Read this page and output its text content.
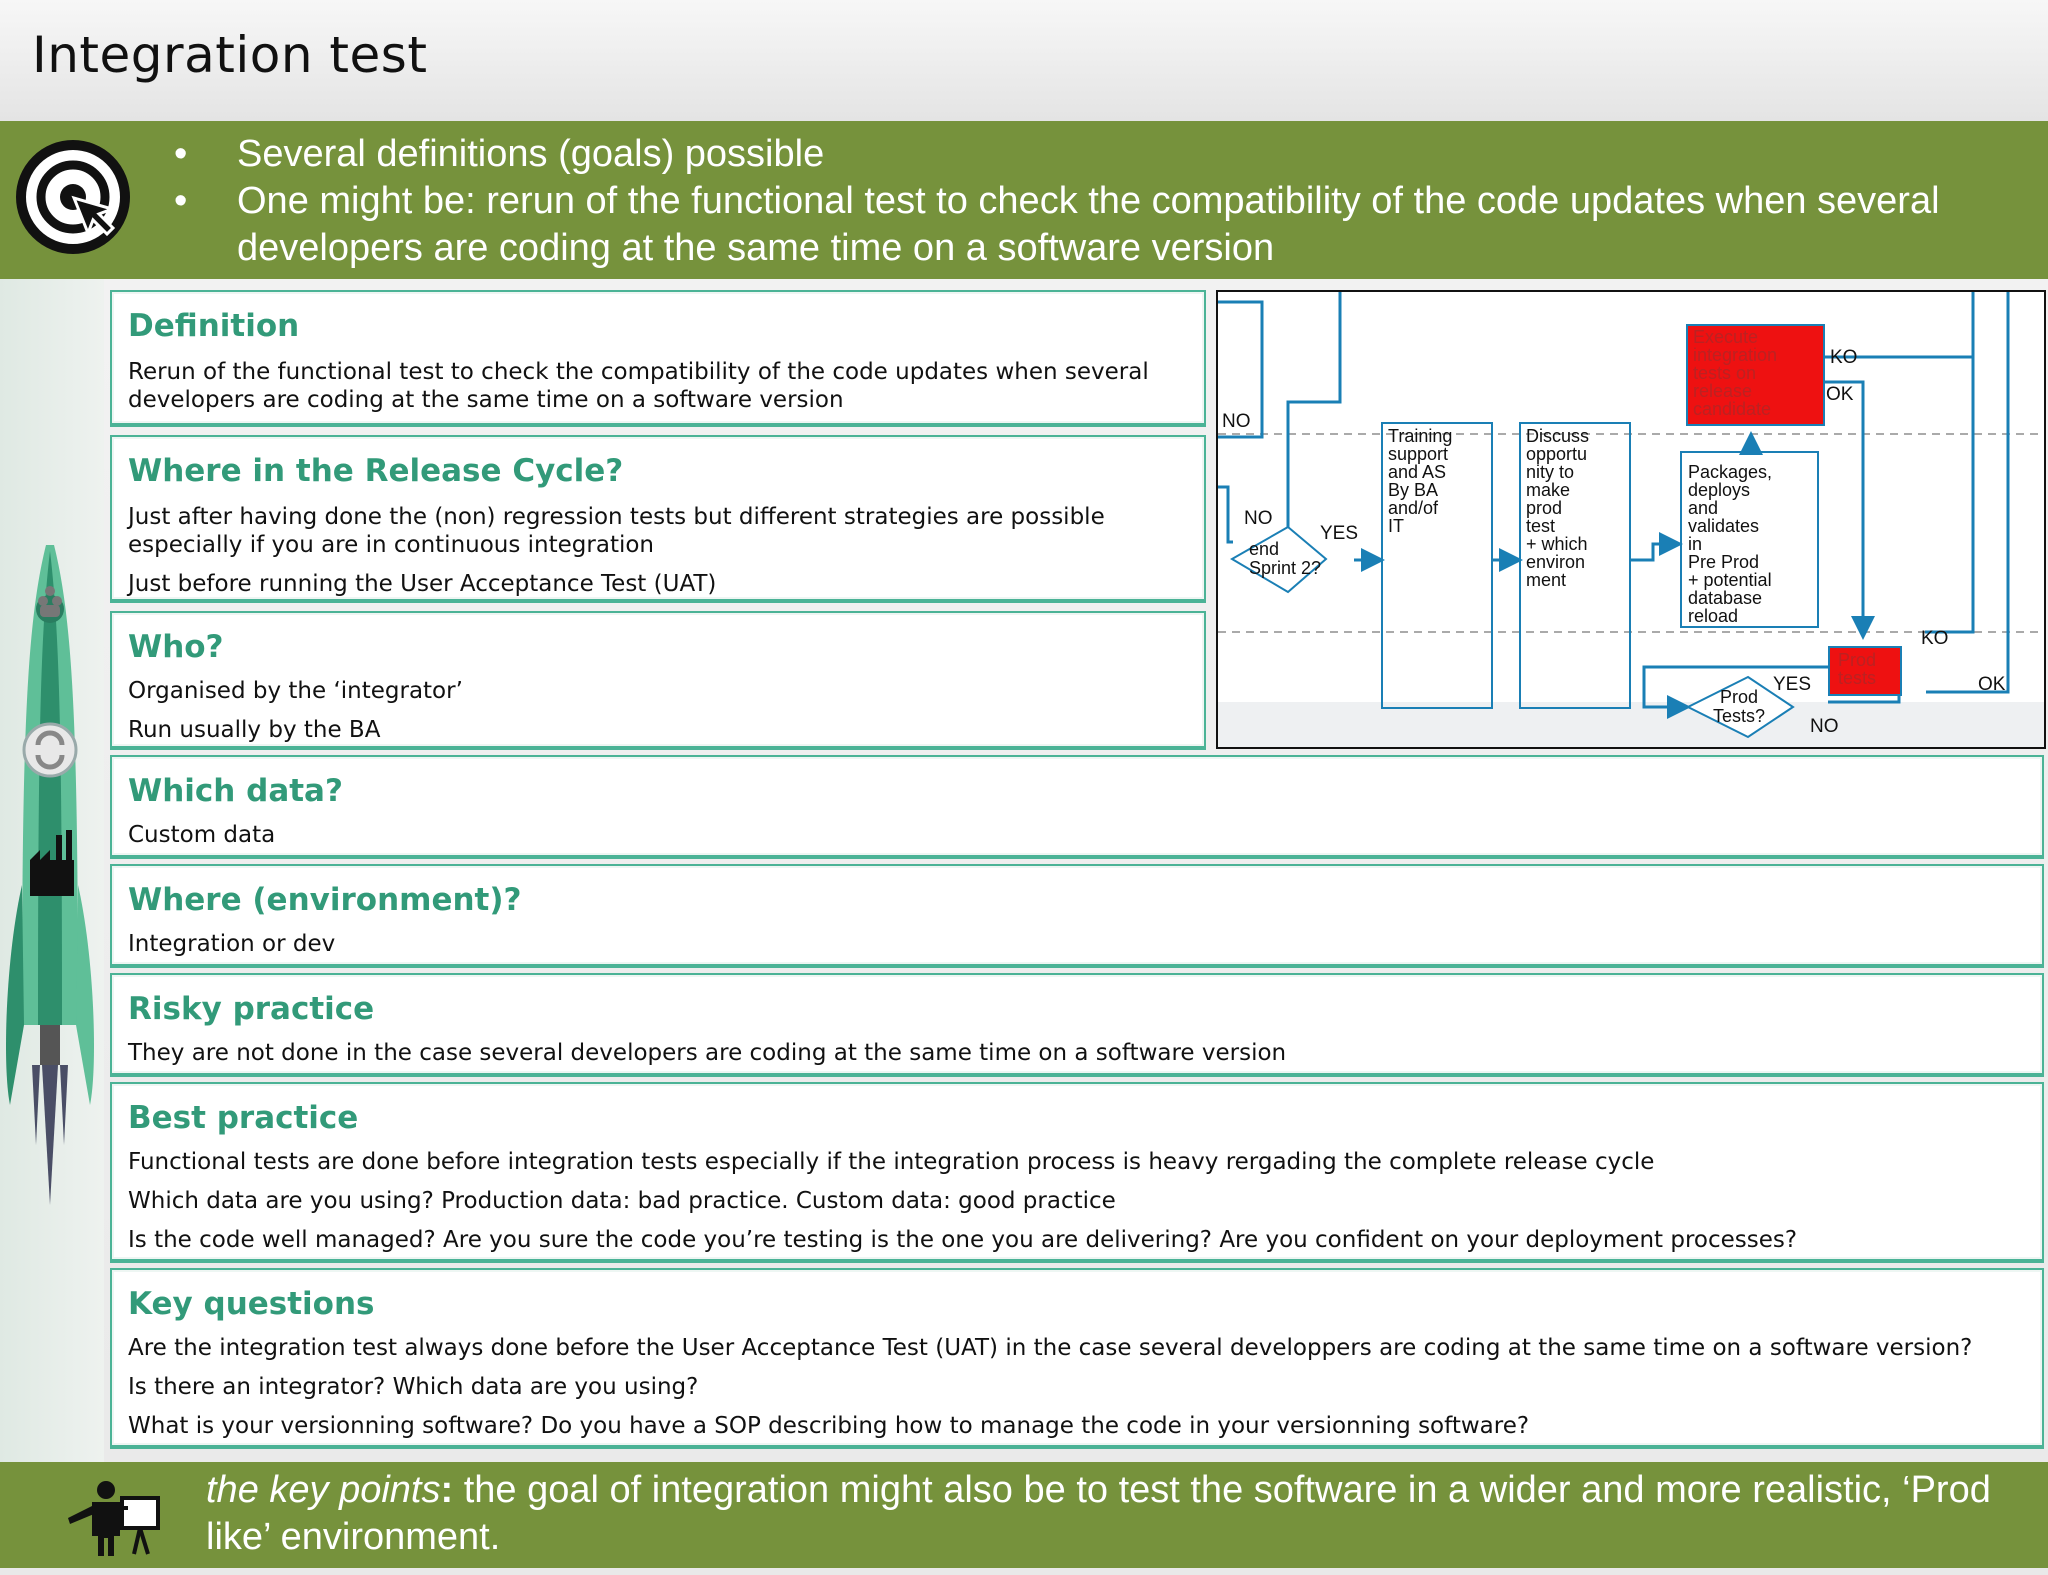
Integration test
• Several definitions (goals) possible
• One might be: rerun of the functional test to check the compatibility of the code updates when several developers are coding at the same time on a software version
Definition

Rerun of the functional test to check the compatibility of the code updates when several developers are coding at the same time on a software version

Where in the Release Cycle?

Just after having done the (non) regression tests but different strategies are possible especially if you are in continuous integration

Just before running the User Acceptance Test (UAT)

Who?

Organised by the ‘integrator’

Run usually by the BA

Which data?

Custom data

Where (environment)?

Integration or dev

Risky practice

They are not done in the case several developers are coding at the same time on a software version

Best practice

Functional tests are done before integration tests especially if the integration process is heavy rergading the complete release cycle

Which data are you using? Production data: bad practice. Custom data: good practice

Is the code well managed? Are you sure the code you’re testing is the one you are delivering? Are you confident on your deployment processes?

Key questions

Are the integration test always done before the User Acceptance Test (UAT) in the case several developpers are coding at the same time on a software version?

Is there an integrator? Which data are you using?

What is your versionning software? Do you have a SOP describing how to manage the code in your versionning software?

NO
NO
YES
end
Sprint 2?
Training
support
and AS
By BA
and/of
IT
Discuss
opportu
nity to
make
prod
test
+ which
environ
ment
Execute
integration
tests on
release
candidate
KO
OK
Packages,
deploys
and
validates
in
Pre Prod
+ potential
database
reload
KO
Prod
tests	OK
YES
Prod
Tests? NO
the key points: the goal of integration might also be to test the software in a wider and more realistic, ‘Prod like’ environment.
